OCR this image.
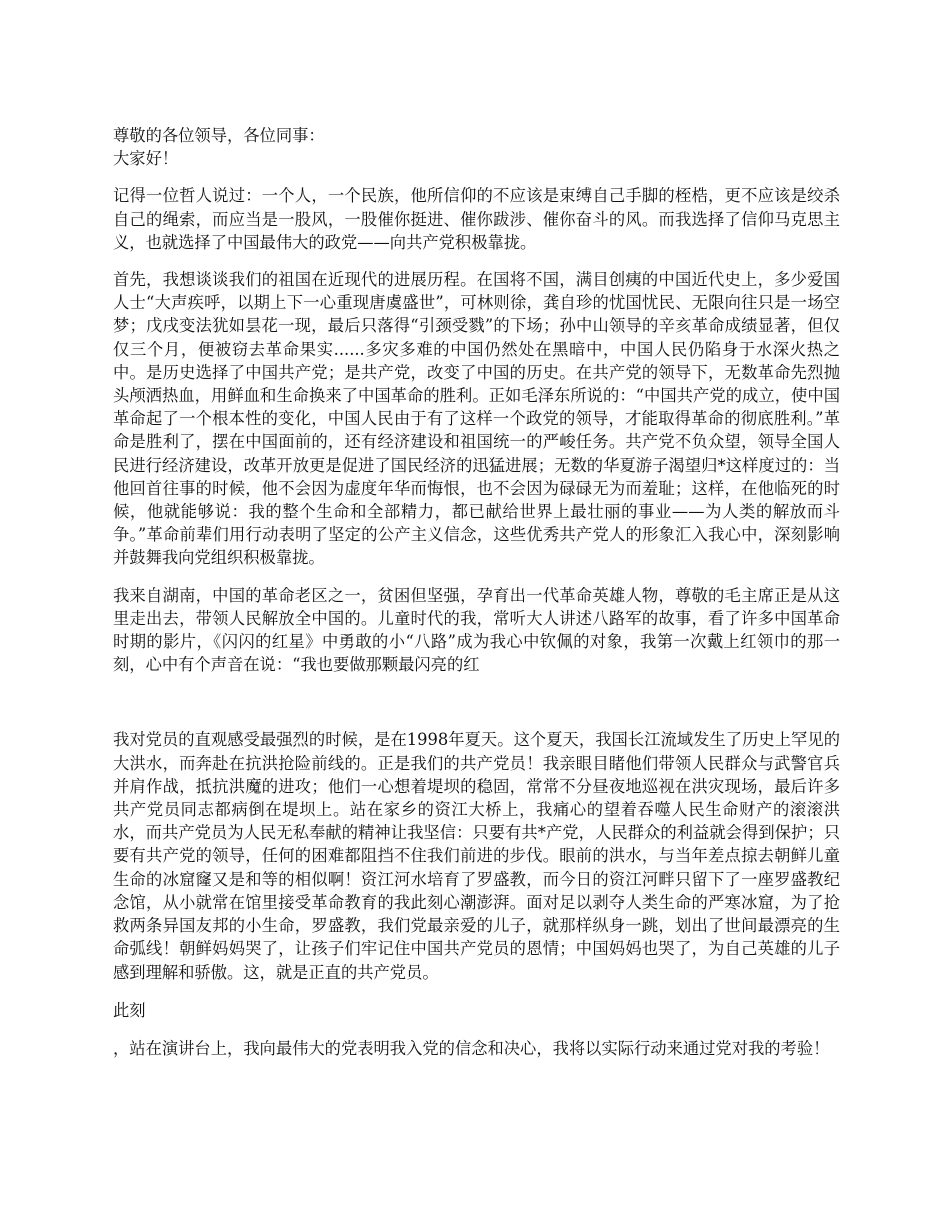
尊敬的各位领导，各位同事：

大家好！

记得一位哲人说过：一个人，一个民族，他所信仰的不应该是束缚自己手脚的桎梏，更不应该是绞杀自己的绳索，而应当是一股风，一股催你挺进、催你跋涉、催你奋斗的风。而我选择了信仰马克思主义，也就选择了中国最伟大的政党——向共产党积极靠拢。

首先，我想谈谈我们的祖国在近现代的进展历程。在国将不国，满目创痍的中国近代史上，多少爱国人士“大声疾呼，以期上下一心重现唐虞盛世”，可林则徐，龚自珍的忧国忧民、无限向往只是一场空梦；戊戌变法犹如昙花一现，最后只落得“引颈受戮”的下场；孙中山领导的辛亥革命成绩显著，但仅仅三个月，便被窃去革命果实......多灾多难的中国仍然处在黑暗中，中国人民仍陷身于水深火热之中。是历史选择了中国共产党；是共产党，改变了中国的历史。在共产党的领导下，无数革命先烈抛头颅洒热血，用鲜血和生命换来了中国革命的胜利。正如毛泽东所说的：“中国共产党的成立，使中国革命起了一个根本性的变化，中国人民由于有了这样一个政党的领导，才能取得革命的彻底胜利。”革命是胜利了，摆在中国面前的，还有经济建设和祖国统一的严峻任务。共产党不负众望，领导全国人民进行经济建设，改革开放更是促进了国民经济的迅猛进展；无数的华夏游子渴望归*这样度过的：当他回首往事的时候，他不会因为虚度年华而悔恨，也不会因为碌碌无为而羞耻；这样，在他临死的时候，他就能够说：我的整个生命和全部精力，都已献给世界上最壮丽的事业——为人类的解放而斗争。”革命前辈们用行动表明了坚定的公产主义信念，这些优秀共产党人的形象汇入我心中，深刻影响并鼓舞我向党组织积极靠拢。

我来自湖南，中国的革命老区之一，贫困但坚强，孕育出一代革命英雄人物，尊敬的毛主席正是从这里走出去，带领人民解放全中国的。儿童时代的我，常听大人讲述八路军的故事，看了许多中国革命时期的影片，《闪闪的红星》中勇敢的小“八路”成为我心中钦佩的对象，我第一次戴上红领巾的那一刻，心中有个声音在说：“我也要做那颗最闪亮的红

我对党员的直观感受最强烈的时候，是在1998年夏天。这个夏天，我国长江流域发生了历史上罕见的大洪水，而奔赴在抗洪抢险前线的。正是我们的共产党员！我亲眼目睹他们带领人民群众与武警官兵并肩作战，抵抗洪魔的进攻；他们一心想着堤坝的稳固，常常不分昼夜地巡视在洪灾现场，最后许多共产党员同志都病倒在堤坝上。站在家乡的资江大桥上，我痛心的望着吞噬人民生命财产的滚滚洪水，而共产党员为人民无私奉献的精神让我坚信：只要有共*产党，人民群众的利益就会得到保护；只要有共产党的领导，任何的困难都阻挡不住我们前进的步伐。眼前的洪水，与当年差点掠去朝鲜儿童生命的冰窟窿又是和等的相似啊！资江河水培育了罗盛教，而今日的资江河畔只留下了一座罗盛教纪念馆，从小就常在馆里接受革命教育的我此刻心潮澎湃。面对足以剥夺人类生命的严寒冰窟，为了抢救两条异国友邦的小生命，罗盛教，我们党最亲爱的儿子，就那样纵身一跳，划出了世间最漂亮的生命弧线！朝鲜妈妈哭了，让孩子们牢记住中国共产党员的恩情；中国妈妈也哭了，为自己英雄的儿子感到理解和骄傲。这，就是正直的共产党员。

此刻

，站在演讲台上，我向最伟大的党表明我入党的信念和决心，我将以实际行动来通过党对我的考验！
